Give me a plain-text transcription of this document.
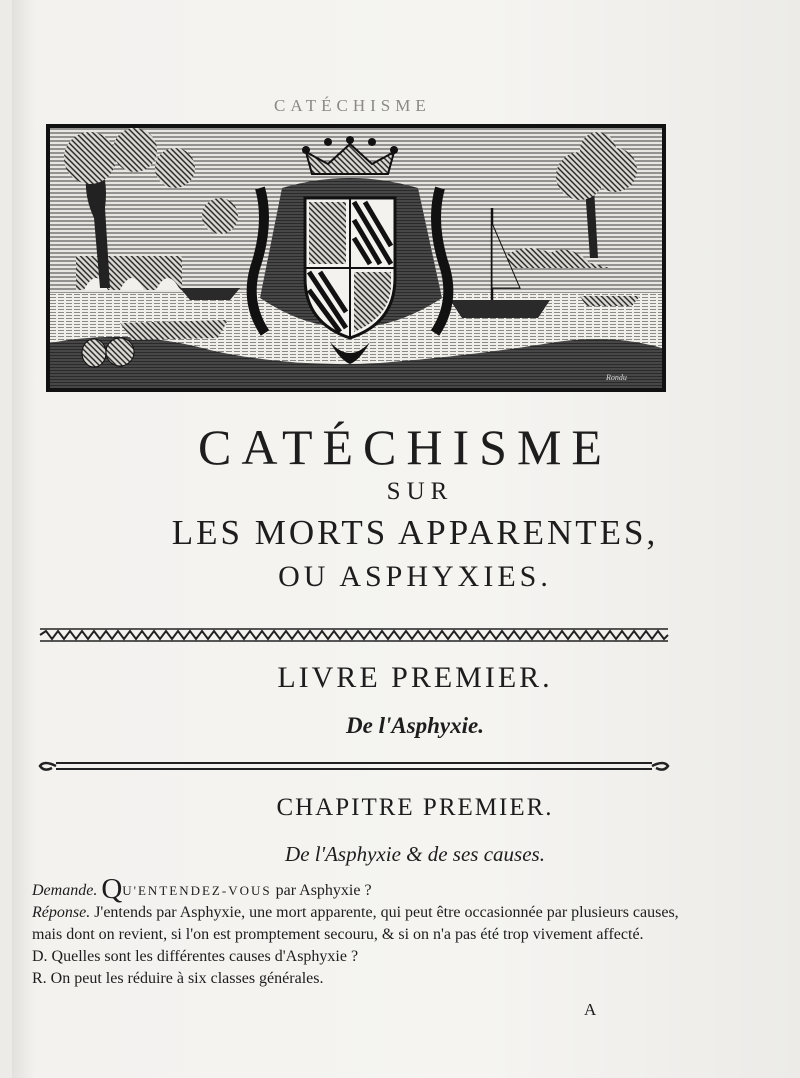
CATÉCHISME
Rondu
CATÉCHISME
SUR
LES MORTS APPARENTES,
OU ASPHYXIES.
LIVRE PREMIER.
De l'Asphyxie.
CHAPITRE PREMIER.
De l'Asphyxie & de ses causes.

Demande. QU'ENTENDEZ-VOUS par Asphyxie ?

Réponse. J'entends par Asphyxie, une mort apparente, qui peut être occasionnée par plusieurs causes, mais dont on revient, si l'on est promptement secouru, & si on n'a pas été trop vivement affecté.

D. Quelles sont les différentes causes d'Asphyxie ?

R. On peut les réduire à six classes générales.

A
